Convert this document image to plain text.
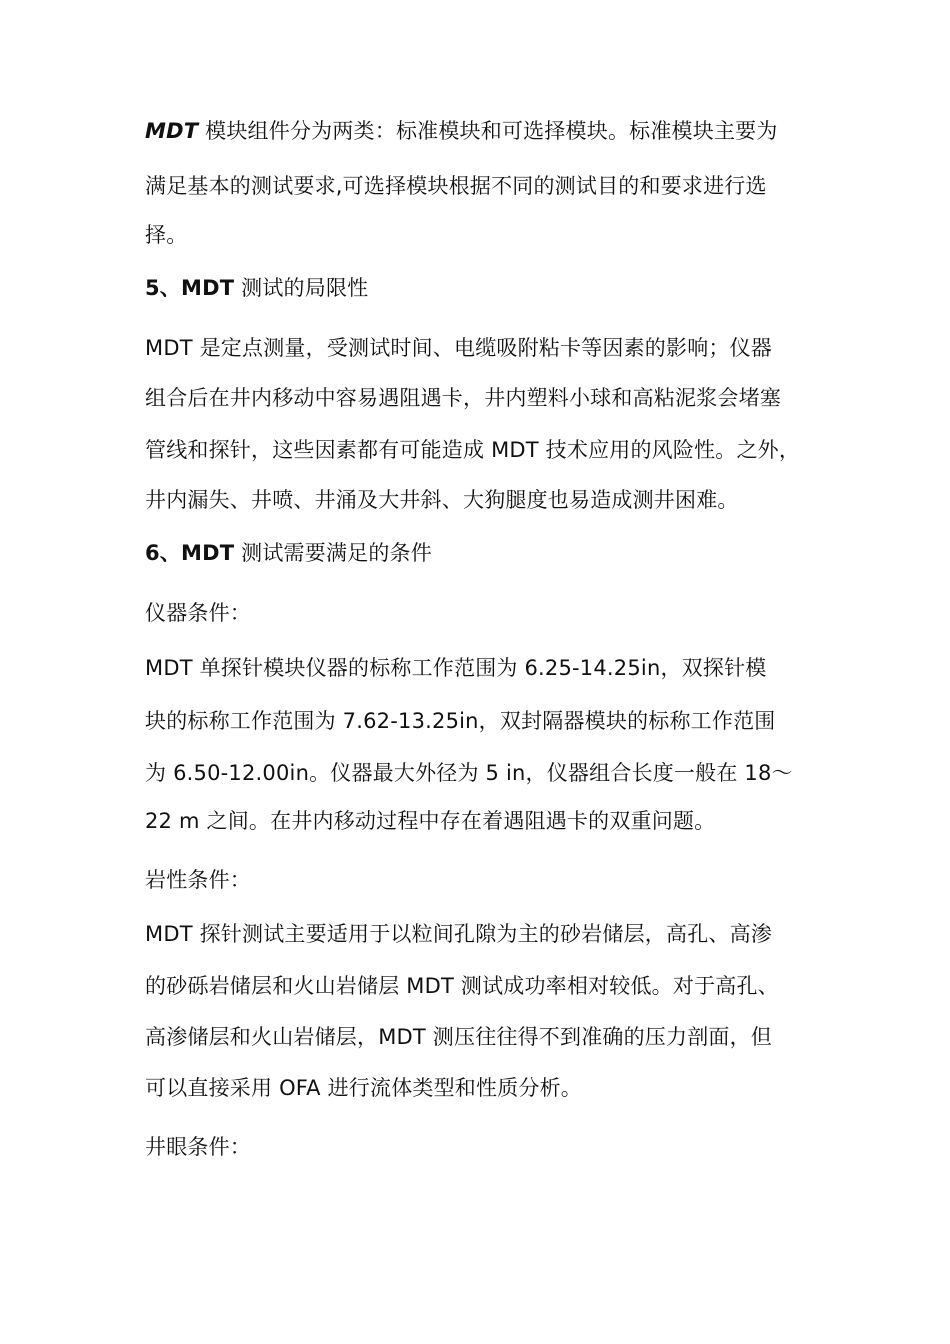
MDT 模块组件分为两类：标准模块和可选择模块。标准模块主要为
满足基本的测试要求,可选择模块根据不同的测试目的和要求进行选
择。
5、MDT 测试的局限性
MDT 是定点测量，受测试时间、电缆吸附粘卡等因素的影响；仪器
组合后在井内移动中容易遇阻遇卡，井内塑料小球和高粘泥浆会堵塞
管线和探针，这些因素都有可能造成 MDT 技术应用的风险性。之外，
井内漏失、井喷、井涌及大井斜、大狗腿度也易造成测井困难。
6、MDT 测试需要满足的条件
仪器条件：
MDT 单探针模块仪器的标称工作范围为 6.25-14.25in，双探针模
块的标称工作范围为 7.62-13.25in，双封隔器模块的标称工作范围
为 6.50-12.00in。仪器最大外径为 5 in，仪器组合长度一般在 18～
22 m 之间。在井内移动过程中存在着遇阻遇卡的双重问题。
岩性条件：
MDT 探针测试主要适用于以粒间孔隙为主的砂岩储层，高孔、高渗
的砂砾岩储层和火山岩储层 MDT 测试成功率相对较低。对于高孔、
高渗储层和火山岩储层，MDT 测压往往得不到准确的压力剖面，但
可以直接采用 OFA 进行流体类型和性质分析。
井眼条件：
